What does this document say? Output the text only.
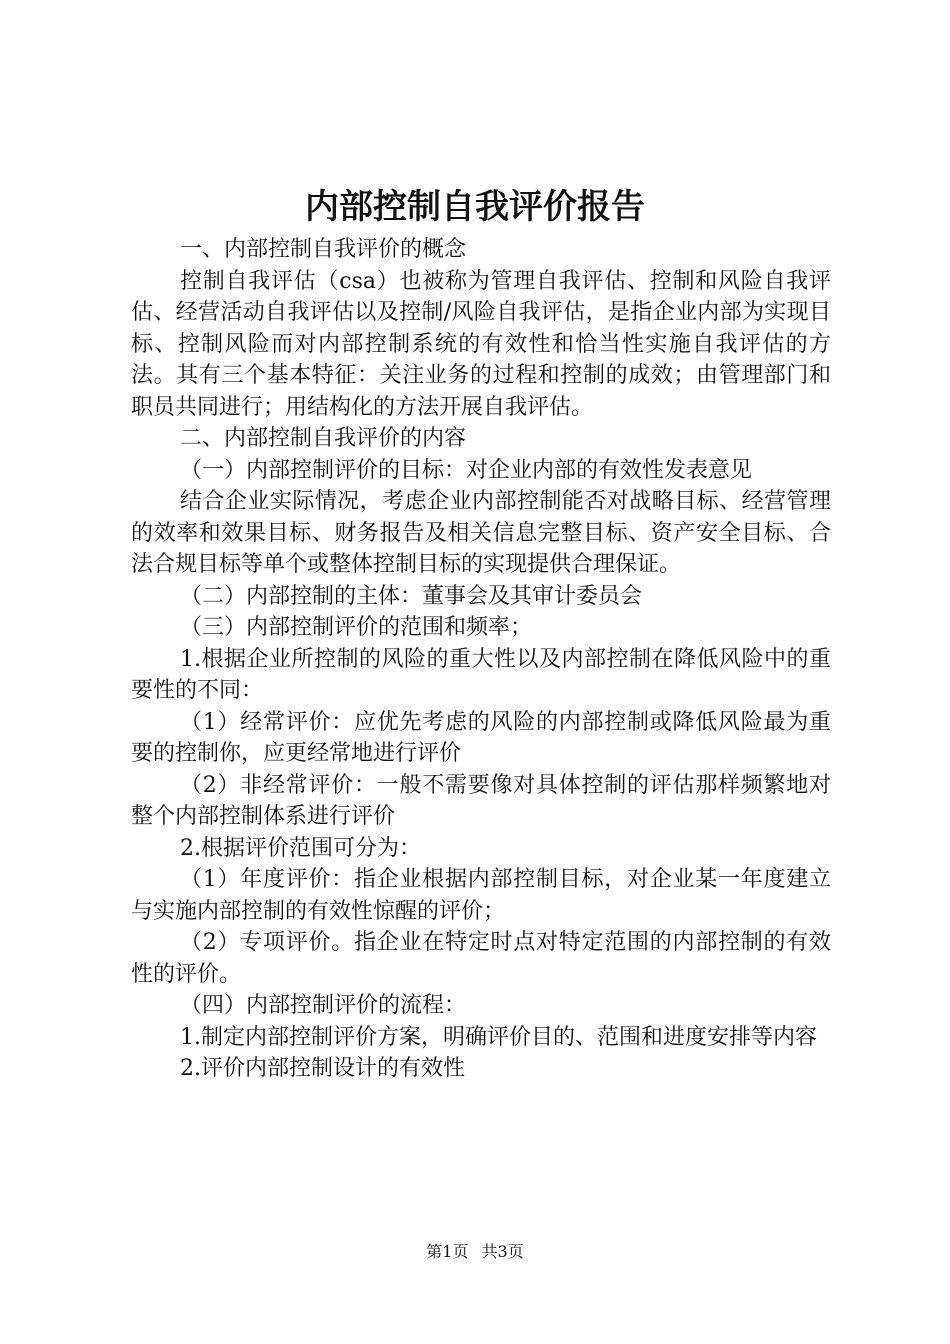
内部控制自我评价报告

一、内部控制自我评价的概念

控制自我评估（csa）也被称为管理自我评估、控制和风险自我评估、经营活动自我评估以及控制/风险自我评估，是指企业内部为实现目标、控制风险而对内部控制系统的有效性和恰当性实施自我评估的方法。其有三个基本特征：关注业务的过程和控制的成效；由管理部门和职员共同进行；用结构化的方法开展自我评估。

二、内部控制自我评价的内容

（一）内部控制评价的目标：对企业内部的有效性发表意见

结合企业实际情况，考虑企业内部控制能否对战略目标、经营管理的效率和效果目标、财务报告及相关信息完整目标、资产安全目标、合法合规目标等单个或整体控制目标的实现提供合理保证。

（二）内部控制的主体：董事会及其审计委员会

（三）内部控制评价的范围和频率；

1.根据企业所控制的风险的重大性以及内部控制在降低风险中的重要性的不同：

（1）经常评价：应优先考虑的风险的内部控制或降低风险最为重要的控制你，应更经常地进行评价

（2）非经常评价：一般不需要像对具体控制的评估那样频繁地对整个内部控制体系进行评价

2.根据评价范围可分为：

（1）年度评价：指企业根据内部控制目标，对企业某一年度建立与实施内部控制的有效性惊醒的评价；

（2）专项评价。指企业在特定时点对特定范围的内部控制的有效性的评价。

（四）内部控制评价的流程：

1.制定内部控制评价方案，明确评价目的、范围和进度安排等内容

2.评价内部控制设计的有效性

第1页 共3页
